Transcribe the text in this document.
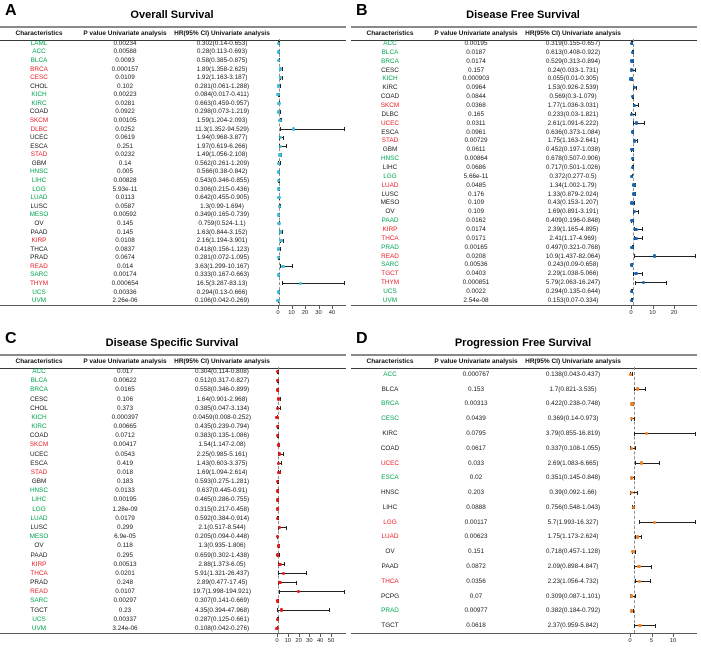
A	Overall Survival
Characteristics	P value Univariate analysis	HR(95% CI) Univariate analysis
LAML	0.00234	0.302(0.14-0.653)
ACC	0.00588	0.28(0.113-0.693)
BLCA	0.0093	0.58(0.385-0.875)
BRCA	0.000157	1.89(1.358-2.625)
CESC	0.0109	1.92(1.163-3.187)
CHOL	0.102	0.281(0.061-1.288)
KICH	0.00223	0.084(0.017-0.411)
KIRC	0.0281	0.663(0.459-0.957)
COAD	0.0922	0.298(0.073-1.219)
SKCM	0.00105	1.59(1.204-2.093)
DLBC	0.0252	11.3(1.352-94.529)
UCEC	0.0619	1.94(0.968-3.877)
ESCA	0.251	1.97(0.619-6.266)
STAD	0.0232	1.49(1.056-2.108)
GBM	0.14	0.562(0.261-1.209)
HNSC	0.005	0.566(0.38-0.842)
LIHC	0.00828	0.543(0.346-0.855)
LGG	5.93e-11	0.306(0.215-0.436)
LUAD	0.0113	0.642(0.455-0.905)
LUSC	0.0587	1.3(0.99-1.694)
MESO	0.00592	0.349(0.165-0.739)
OV	0.145	0.759(0.524-1.1)
PAAD	0.145	1.63(0.844-3.152)
KIRP	0.0108	2.16(1.194-3.901)
THCA	0.0837	0.418(0.156-1.123)
PRAD	0.0674	0.281(0.072-1.095)
READ	0.014	3.63(1.299-10.167)
SARC	0.00174	0.333(0.167-0.663)
THYM	0.000654	16.5(3.287-83.13)
UCS	0.00336	0.294(0.13-0.666)
UVM	2.26e-06	0.106(0.042-0.269)
0	10	20	30	40
B	Disease Free Survival
Characteristics	P value Univariate analysis	HR(95% CI) Univariate analysis
ACC	0.00195	0.319(0.155-0.657)
BLCA	0.0187	0.613(0.408-0.922)
BRCA	0.0174	0.529(0.313-0.894)
CESC	0.157	0.24(0.033-1.731)
KICH	0.000903	0.055(0.01-0.305)
KIRC	0.0964	1.53(0.926-2.539)
COAD	0.0844	0.569(0.3-1.079)
SKCM	0.0368	1.77(1.036-3.031)
DLBC	0.165	0.233(0.03-1.821)
UCEC	0.0311	2.61(1.091-6.222)
ESCA	0.0961	0.636(0.373-1.084)
STAD	0.00729	1.75(1.163-2.641)
GBM	0.0611	0.452(0.197-1.038)
HNSC	0.00864	0.678(0.507-0.906)
LIHC	0.0686	0.717(0.501-1.026)
LGG	5.66e-11	0.372(0.277-0.5)
LUAD	0.0485	1.34(1.002-1.79)
LUSC	0.176	1.33(0.879-2.024)
MESO	0.109	0.43(0.153-1.207)
OV	0.109	1.69(0.891-3.191)
PAAD	0.0162	0.409(0.196-0.848)
KIRP	0.0174	2.39(1.165-4.895)
THCA	0.0171	2.41(1.17-4.969)
PRAD	0.00165	0.497(0.321-0.768)
READ	0.0208	10.9(1.437-82.064)
SARC	0.00536	0.243(0.09-0.658)
TGCT	0.0403	2.29(1.038-5.066)
THYM	0.000851	5.79(2.063-16.247)
UCS	0.0022	0.294(0.135-0.644)
UVM	2.54e-08	0.153(0.07-0.334)
0	10	20
C	Disease Specific Survival
Characteristics	P value Univariate analysis	HR(95% CI) Univariate analysis
ACC	0.017	0.304(0.114-0.808)
BLCA	0.00622	0.512(0.317-0.827)
BRCA	0.0165	0.558(0.346-0.899)
CESC	0.106	1.64(0.901-2.968)
CHOL	0.373	0.385(0.047-3.134)
KICH	0.000397	0.0459(0.008-0.252)
KIRC	0.00665	0.435(0.239-0.794)
COAD	0.0712	0.383(0.135-1.086)
SKCM	0.00417	1.54(1.147-2.08)
UCEC	0.0543	2.25(0.985-5.161)
ESCA	0.419	1.43(0.603-3.375)
STAD	0.018	1.69(1.094-2.614)
GBM	0.183	0.593(0.275-1.281)
HNSC	0.0133	0.637(0.445-0.91)
LIHC	0.00195	0.465(0.286-0.755)
LGG	1.28e-09	0.315(0.217-0.458)
LUAD	0.0179	0.592(0.384-0.914)
LUSC	0.299	2.1(0.517-8.544)
MESO	6.9e-05	0.205(0.094-0.448)
OV	0.118	1.3(0.935-1.806)
PAAD	0.295	0.659(0.302-1.438)
KIRP	0.00513	2.88(1.373-6.05)
THCA	0.0201	5.91(1.321-26.437)
PRAD	0.248	2.89(0.477-17.45)
READ	0.0107	19.7(1.998-194.921)
SARC	0.00297	0.307(0.141-0.669)
TGCT	0.23	4.35(0.394-47.968)
UCS	0.00337	0.287(0.125-0.661)
UVM	3.24e-06	0.108(0.042-0.276)
0	10 20 30 40 50
D	Progression Free Survival
Characteristics	P value Univariate analysis	HR(95% CI) Univariate analysis
ACC	0.000767	0.138(0.043-0.437)
BLCA	0.153	1.7(0.821-3.535)
BRCA	0.00313	0.422(0.238-0.748)
CESC	0.0439	0.369(0.14-0.973)
KIRC	0.0795	3.79(0.855-16.819)
COAD	0.0617	0.337(0.108-1.055)
UCEC	0.033	2.69(1.083-6.665)
ESCA	0.02	0.351(0.145-0.848)
HNSC	0.203	0.39(0.092-1.66)
LIHC	0.0888	0.756(0.548-1.043)
LGG	0.00117	5.7(1.993-16.327)
LUAD	0.00623	1.75(1.173-2.624)
OV	0.151	0.718(0.457-1.128)
PAAD	0.0872	2.09(0.898-4.847)
THCA	0.0356	2.23(1.056-4.732)
PCPG	0.07	0.309(0.087-1.101)
PRAD	0.00977	0.382(0.184-0.792)
TGCT	0.0618	2.37(0.959-5.842)
0	5	10
